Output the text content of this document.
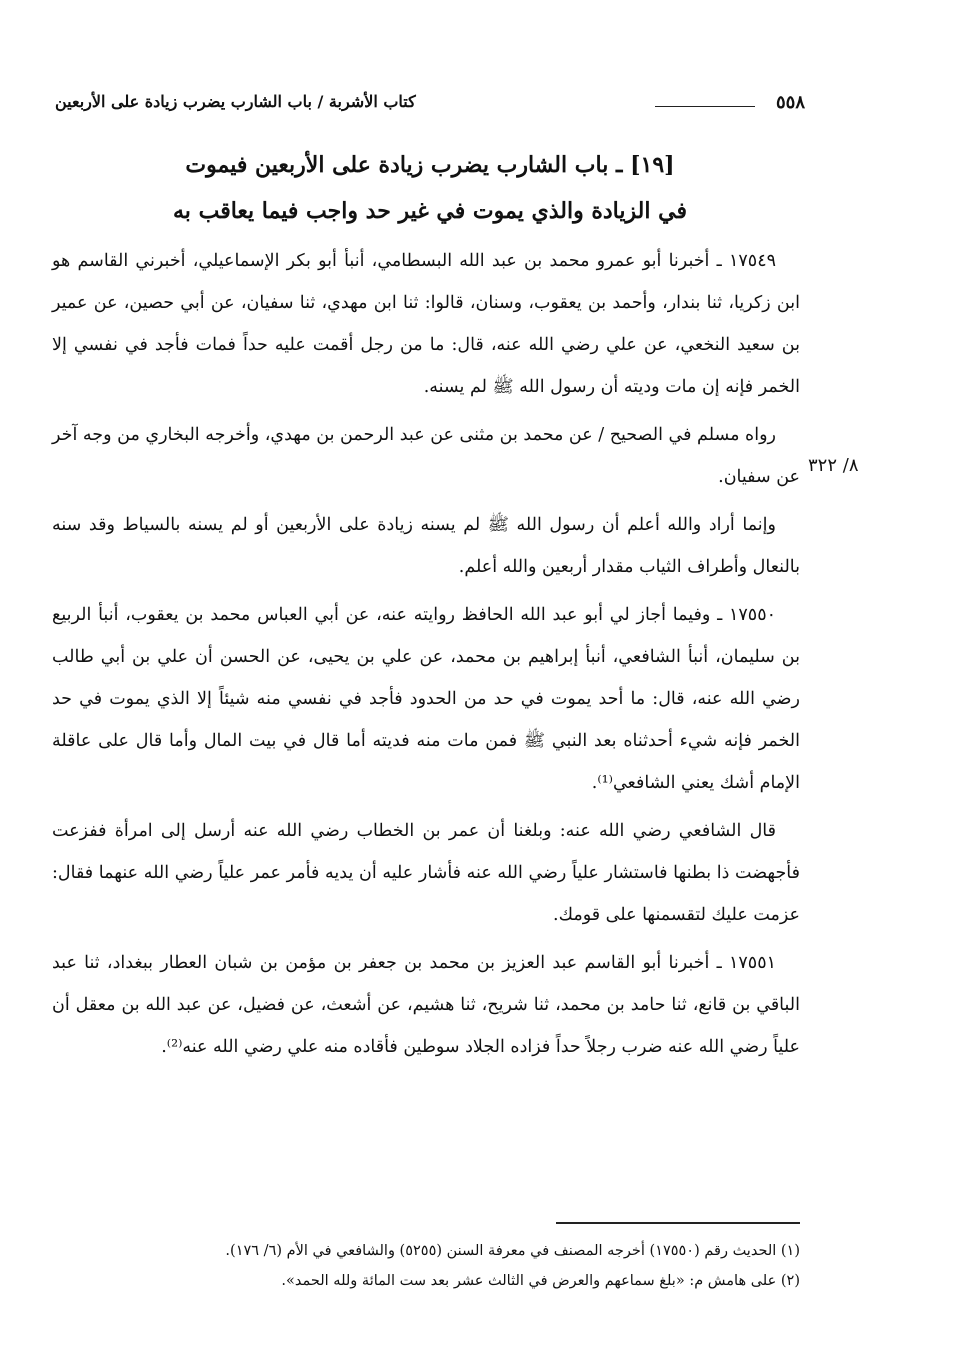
٥٥٨
كتاب الأشربة / باب الشارب يضرب زيادة على الأربعين
[١٩] ـ باب الشارب يضرب زيادة على الأربعين فيموت
في الزيادة والذي يموت في غير حد واجب فيما يعاقب به
٨/ ٣٢٢

١٧٥٤٩ ـ أخبرنا أبو عمرو محمد بن عبد الله البسطامي، أنبأ أبو بكر الإسماعيلي، أخبرني القاسم هو ابن زكريا، ثنا بندار، وأحمد بن يعقوب، وسنان، قالوا: ثنا ابن مهدي، ثنا سفيان، عن أبي حصين، عن عمير بن سعيد النخعي، عن علي رضي الله عنه، قال: ما من رجل أقمت عليه حداً فمات فأجد في نفسي إلا الخمر فإنه إن مات وديته أن رسول الله ﷺ لم يسنه.

رواه مسلم في الصحيح / عن محمد بن مثنى عن عبد الرحمن بن مهدي، وأخرجه البخاري من وجه آخر عن سفيان.

وإنما أراد والله أعلم أن رسول الله ﷺ لم يسنه زيادة على الأربعين أو لم يسنه بالسياط وقد سنه بالنعال وأطراف الثياب مقدار أربعين والله أعلم.

١٧٥٥٠ ـ وفيما أجاز لي أبو عبد الله الحافظ روايته عنه، عن أبي العباس محمد بن يعقوب، أنبأ الربيع بن سليمان، أنبأ الشافعي، أنبأ إبراهيم بن محمد، عن علي بن يحيى، عن الحسن أن علي بن أبي طالب رضي الله عنه، قال: ما أحد يموت في حد من الحدود فأجد في نفسي منه شيئاً إلا الذي يموت في حد الخمر فإنه شيء أحدثناه بعد النبي ﷺ فمن مات منه فديته أما قال في بيت المال وأما قال على عاقلة الإمام أشك يعني الشافعي⁽¹⁾.

قال الشافعي رضي الله عنه: وبلغنا أن عمر بن الخطاب رضي الله عنه أرسل إلى امرأة ففزعت فأجهضت ذا بطنها فاستشار علياً رضي الله عنه فأشار عليه أن يديه فأمر عمر علياً رضي الله عنهما فقال: عزمت عليك لتقسمنها على قومك.

١٧٥٥١ ـ أخبرنا أبو القاسم عبد العزيز بن محمد بن جعفر بن مؤمن بن شبان العطار ببغداد، ثنا عبد الباقي بن قانع، ثنا حامد بن محمد، ثنا شريح، ثنا هشيم، عن أشعث، عن فضيل، عن عبد الله بن معقل أن علياً رضي الله عنه ضرب رجلاً حداً فزاده الجلاد سوطين فأقاده منه علي رضي الله عنه⁽²⁾.

(١) الحديث رقم (١٧٥٥٠) أخرجه المصنف في معرفة السنن (٥٢٥٥) والشافعي في الأم (٦/ ١٧٦).

(٢) على هامش م: «بلغ سماعهم والعرض في الثالث عشر بعد ست المائة ولله الحمد».
